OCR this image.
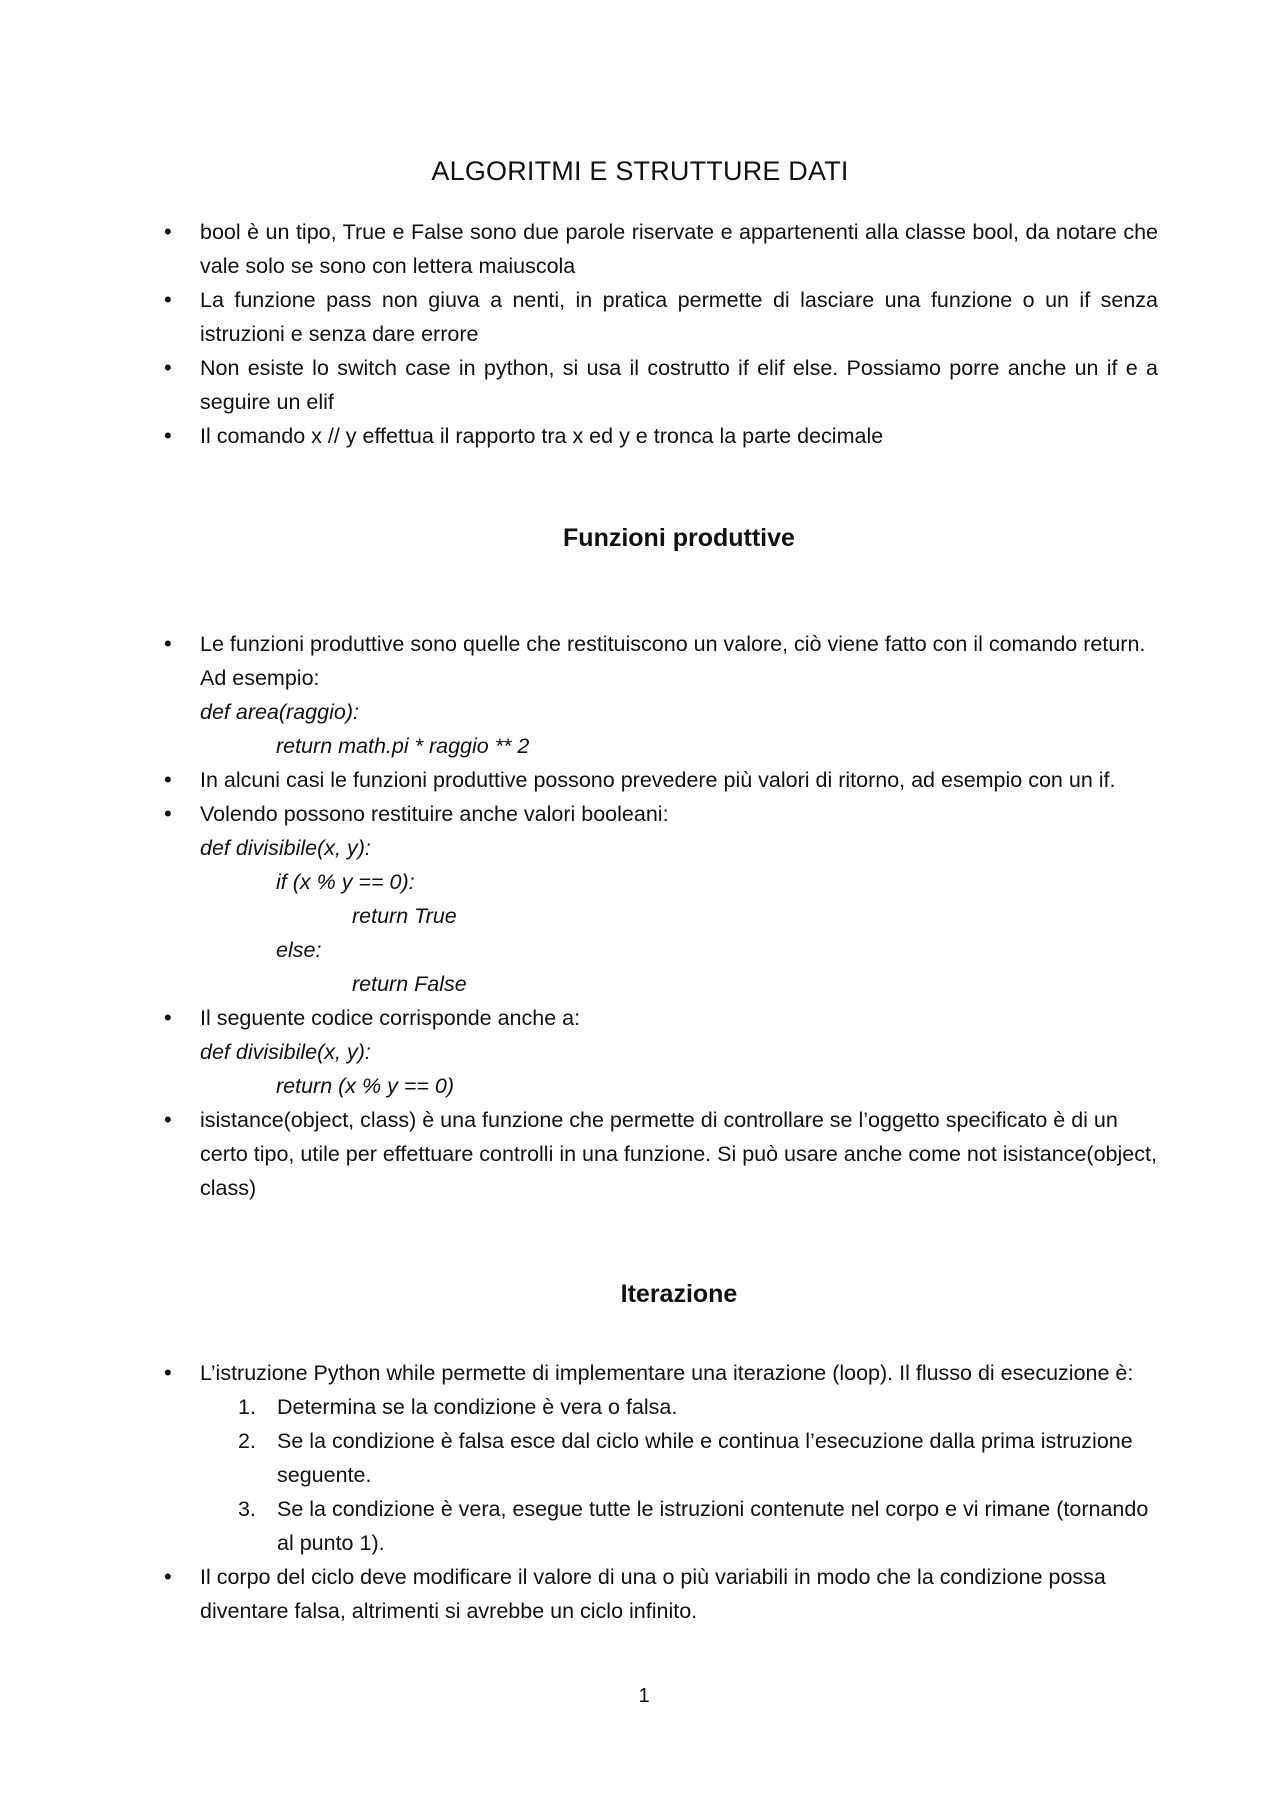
ALGORITMI E STRUTTURE DATI
• bool è un tipo, True e False sono due parole riservate e appartenenti alla classe bool, da notare che vale solo se sono con lettera maiuscola
• La funzione pass non giuva a nenti, in pratica permette di lasciare una funzione o un if senza istruzioni e senza dare errore
• Non esiste lo switch case in python, si usa il costrutto if elif else. Possiamo porre anche un if e a seguire un elif
• Il comando x // y effettua il rapporto tra x ed y e tronca la parte decimale
Funzioni produttive
• Le funzioni produttive sono quelle che restituiscono un valore, ciò viene fatto con il comando return. Ad esempio:
def area(raggio):
return math.pi * raggio ** 2
• In alcuni casi le funzioni produttive possono prevedere più valori di ritorno, ad esempio con un if.
• Volendo possono restituire anche valori booleani:
def divisibile(x, y):
if (x % y == 0):
return True
else:
return False
• Il seguente codice corrisponde anche a:
def divisibile(x, y):
return (x % y == 0)
• isistance(object, class) è una funzione che permette di controllare se l’oggetto specificato è di un certo tipo, utile per effettuare controlli in una funzione. Si può usare anche come not isistance(object, class)
Iterazione
• L’istruzione Python while permette di implementare una iterazione (loop). Il flusso di esecuzione è:
1. Determina se la condizione è vera o falsa.
2. Se la condizione è falsa esce dal ciclo while e continua l’esecuzione dalla prima istruzione seguente.
3. Se la condizione è vera, esegue tutte le istruzioni contenute nel corpo e vi rimane (tornando al punto 1).
• Il corpo del ciclo deve modificare il valore di una o più variabili in modo che la condizione possa diventare falsa, altrimenti si avrebbe un ciclo infinito.
1
